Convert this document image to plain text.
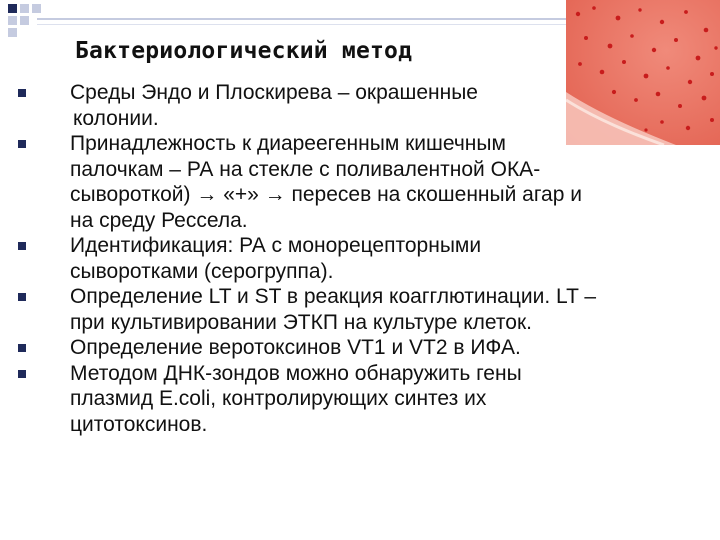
Бактериологический метод
Среды Эндо и Плоскирева – окрашенные
колонии.
Принадлежность к диареегенным кишечным
палочкам – РА на стекле с поливалентной ОКА-
сывороткой) → «+» → пересев на скошенный агар и
на среду Рессела.
Идентификация: РА с монорецепторными
сыворотками (серогруппа).
Определение LT и ST в реакция коагглютинации. LT –
при культивировании ЭТКП на культуре клеток.
Определение веротоксинов VT1 и VT2 в ИФА.
Методом ДНК-зондов можно обнаружить гены
плазмид E.coli, контролирующих синтез их
цитотоксинов.
